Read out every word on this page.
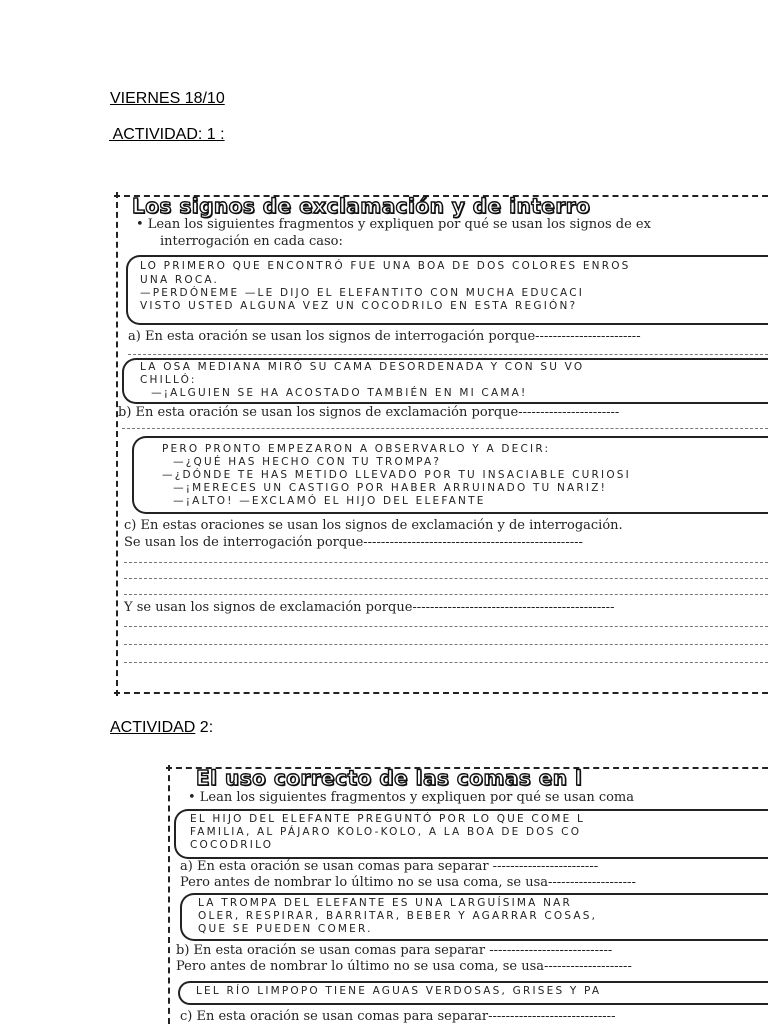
VIERNES 18/10
ACTIVIDAD: 1 :
Los signos de exclamación y de interro
• Lean los siguientes fragmentos y expliquen por qué se usan los signos de ex
interrogación en cada caso:
LO PRIMERO QUE ENCONTRÓ FUE UNA BOA DE DOS COLORES ENROS
UNA ROCA.
—PERDÓNEME —LE DIJO EL ELEFANTITO CON MUCHA EDUCACI
VISTO USTED ALGUNA VEZ UN COCODRILO EN ESTA REGIÓN?
a) En esta oración se usan los signos de interrogación porque------------------------
LA OSA MEDIANA MIRÓ SU CAMA DESORDENADA Y CON SU VO
CHILLÓ:
—¡ALGUIEN SE HA ACOSTADO TAMBIÉN EN MI CAMA!
b) En esta oración se usan los signos de exclamación porque-----------------------
PERO PRONTO EMPEZARON A OBSERVARLO Y A DECIR:
—¿QUÉ HAS HECHO CON TU TROMPA?
—¿DÓNDE TE HAS METIDO LLEVADO POR TU INSACIABLE CURIOSI
—¡MERECES UN CASTIGO POR HABER ARRUINADO TU NARIZ!
—¡ALTO! —EXCLAMÓ EL HIJO DEL ELEFANTE
c) En estas oraciones se usan los signos de exclamación y de interrogación.
Se usan los de interrogación porque--------------------------------------------------
Y se usan los signos de exclamación porque----------------------------------------------
ACTIVIDAD 2:
El uso correcto de las comas en l
• Lean los siguientes fragmentos y expliquen por qué se usan coma
EL HIJO DEL ELEFANTE PREGUNTÓ POR LO QUE COME L
FAMILIA, AL PÁJARO KOLO-KOLO, A LA BOA DE DOS CO
COCODRILO
a) En esta oración se usan comas para separar ------------------------
Pero antes de nombrar lo último no se usa coma, se usa--------------------
LA TROMPA DEL ELEFANTE ES UNA LARGUÍSIMA NAR
OLER, RESPIRAR, BARRITAR, BEBER Y AGARRAR COSAS,
QUE SE PUEDEN COMER.
b) En esta oración se usan comas para separar ----------------------------
Pero antes de nombrar lo último no se usa coma, se usa--------------------
LEL RÍO LIMPOPO TIENE AGUAS VERDOSAS, GRISES Y PA
c) En esta oración se usan comas para separar-----------------------------
